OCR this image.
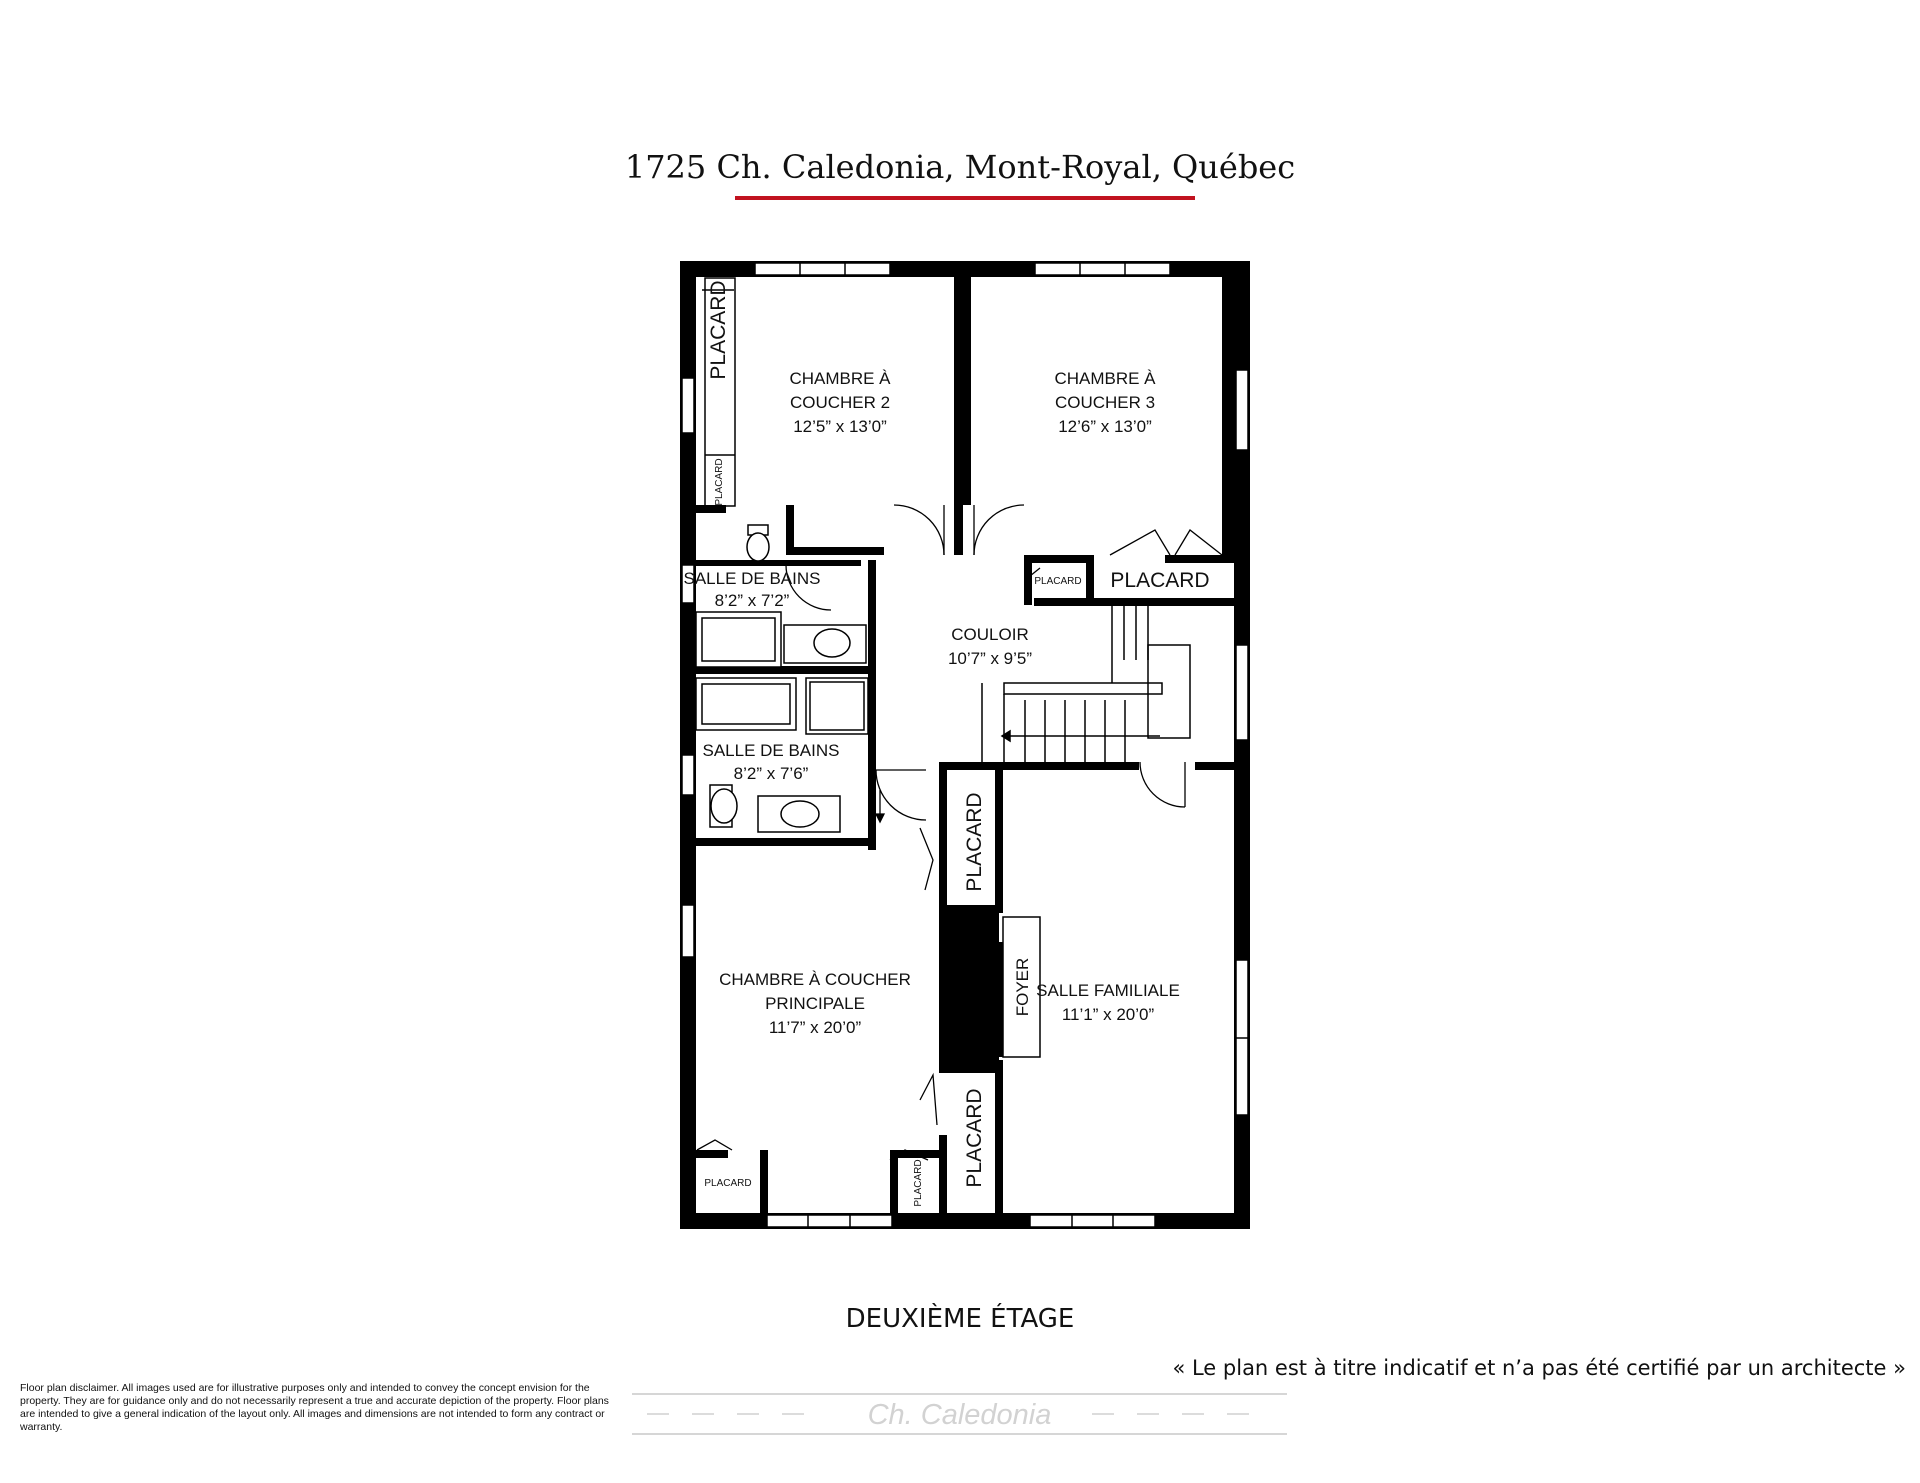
1725 Ch. Caledonia, Mont-Royal, Québec
CHAMBRE À
COUCHER 2
12’5” x 13’0”
CHAMBRE À
COUCHER 3
12’6” x 13’0”
SALLE DE BAINS
8’2” x 7’2”
SALLE DE BAINS
8’2” x 7’6”
COULOIR
10’7” x 9’5”
CHAMBRE À COUCHER
PRINCIPALE
11’7” x 20’0”
SALLE FAMILIALE
11’1” x 20’0”
PLACARD
PLACARD
PLACARD
PLACARD
PLACARD
FOYER
PLACARD
PLACARD	PLACARD
DEUXIÈME ÉTAGE
« Le plan est à titre indicatif et n’a pas été certifié par un architecte »
Floor plan disclaimer. All images used are for illustrative purposes only and intended to convey the concept envision for the property. They are for guidance only and do not necessarily represent a true and accurate depiction of the property. Floor plans are intended to give a general indication of the layout only. All images and dimensions are not intended to form any contract or warranty.	Ch. Caledonia
